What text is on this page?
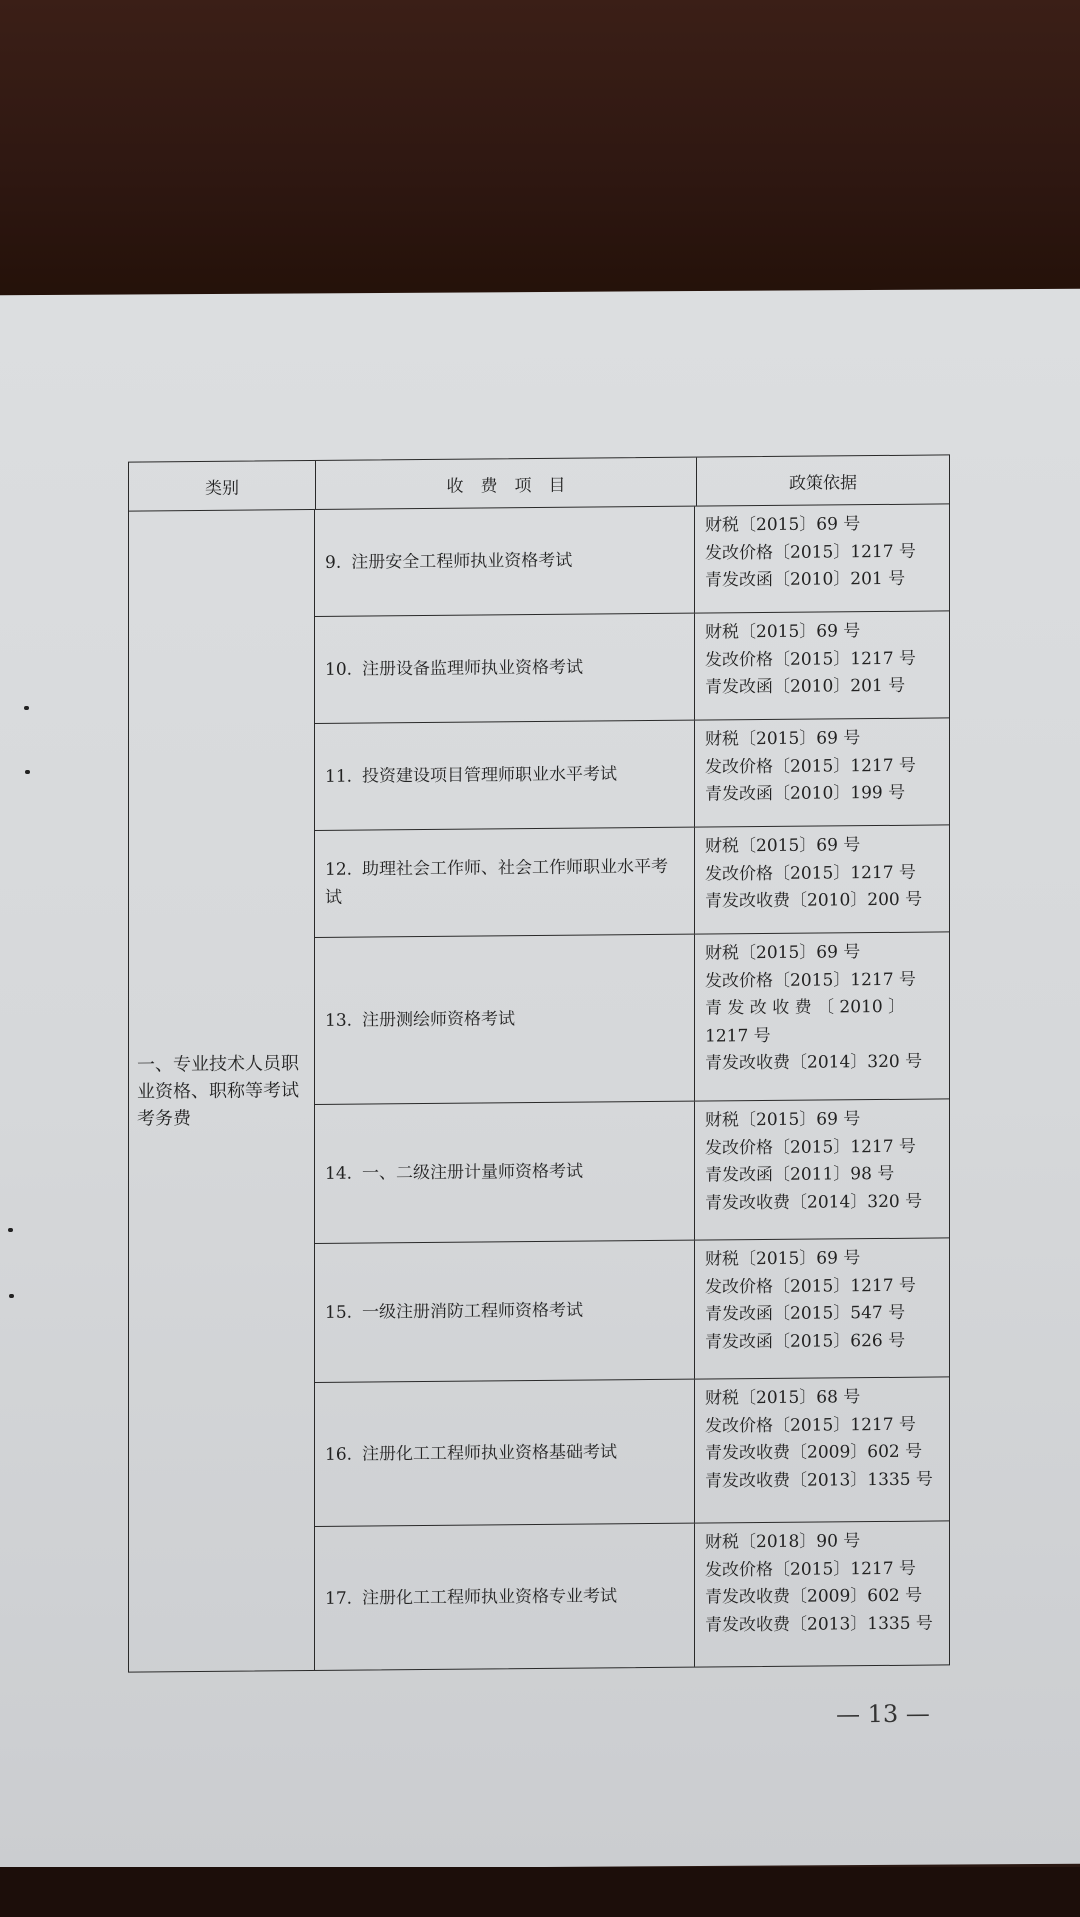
类别	收　费　项　目	政策依据
一、专业技术人员职业资格、职称等考试考务费
9. 注册安全工程师执业资格考试
财税〔2015〕69 号
发改价格〔2015〕1217 号
青发改函〔2010〕201 号
10. 注册设备监理师执业资格考试
财税〔2015〕69 号
发改价格〔2015〕1217 号
青发改函〔2010〕201 号
11. 投资建设项目管理师职业水平考试
财税〔2015〕69 号
发改价格〔2015〕1217 号
青发改函〔2010〕199 号
12. 助理社会工作师、社会工作师职业水平考试
财税〔2015〕69 号
发改价格〔2015〕1217 号
青发改收费〔2010〕200 号
13. 注册测绘师资格考试
财税〔2015〕69 号
发改价格〔2015〕1217 号
青 发 改 收 费 〔 2010 〕
1217 号
青发改收费〔2014〕320 号
14. 一、二级注册计量师资格考试
财税〔2015〕69 号
发改价格〔2015〕1217 号
青发改函〔2011〕98 号
青发改收费〔2014〕320 号
15. 一级注册消防工程师资格考试
财税〔2015〕69 号
发改价格〔2015〕1217 号
青发改函〔2015〕547 号
青发改函〔2015〕626 号
16. 注册化工工程师执业资格基础考试
财税〔2015〕68 号
发改价格〔2015〕1217 号
青发改收费〔2009〕602 号
青发改收费〔2013〕1335 号
17. 注册化工工程师执业资格专业考试
财税〔2018〕90 号
发改价格〔2015〕1217 号
青发改收费〔2009〕602 号
青发改收费〔2013〕1335 号
— 13 —
